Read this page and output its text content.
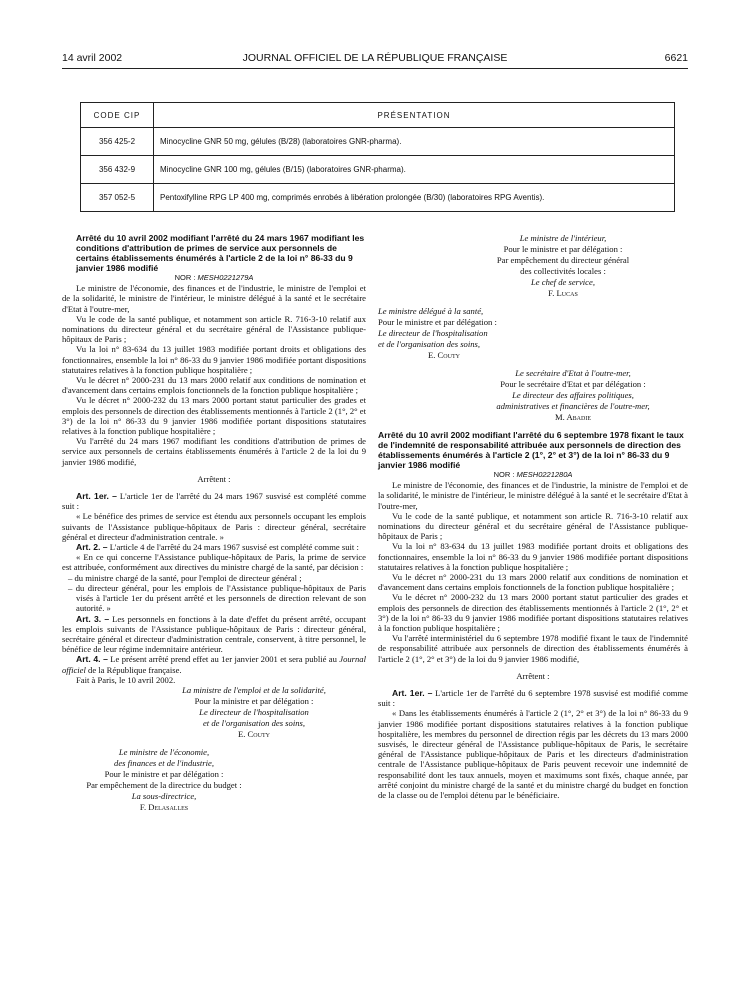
14 avril 2002	JOURNAL OFFICIEL DE LA RÉPUBLIQUE FRANÇAISE	6621
CODE CIP	PRÉSENTATION
356 425-2	Minocycline GNR 50 mg, gélules (B/28) (laboratoires GNR-pharma).
356 432-9	Minocycline GNR 100 mg, gélules (B/15) (laboratoires GNR-pharma).
357 052-5	Pentoxifylline RPG LP 400 mg, comprimés enrobés à libération prolongée (B/30) (laboratoires RPG Aventis).

Arrêté du 10 avril 2002 modifiant l'arrêté du 24 mars 1967 modifiant les conditions d'attribution de primes de service aux personnels de certains établissements énumérés à l'article 2 de la loi n° 86-33 du 9 janvier 1986 modifié

NOR : MESH0221279A

Le ministre de l'économie, des finances et de l'industrie, le ministre de l'emploi et de la solidarité, le ministre de l'intérieur, le ministre délégué à la santé et le secrétaire d'Etat à l'outre-mer,

Vu le code de la santé publique, et notamment son article R. 716-3-10 relatif aux nominations du directeur général et du secrétaire général de l'Assistance publique-hôpitaux de Paris ;

Vu la loi n° 83-634 du 13 juillet 1983 modifiée portant droits et obligations des fonctionnaires, ensemble la loi n° 86-33 du 9 janvier 1986 modifiée portant dispositions statutaires relatives à la fonction publique hospitalière ;

Vu le décret n° 2000-231 du 13 mars 2000 relatif aux conditions de nomination et d'avancement dans certains emplois fonctionnels de la fonction publique hospitalière ;

Vu le décret n° 2000-232 du 13 mars 2000 portant statut particulier des grades et emplois des personnels de direction des établissements mentionnés à l'article 2 (1°, 2° et 3°) de la loi n° 86-33 du 9 janvier 1986 modifiée portant dispositions statutaires relatives à la fonction publique hospitalière ;

Vu l'arrêté du 24 mars 1967 modifiant les conditions d'attribution de primes de service aux personnels de certains établissements énumérés à l'article 2 de la loi du 9 janvier 1986 modifié,

Arrêtent :

Art. 1er. – L'article 1er de l'arrêté du 24 mars 1967 susvisé est complété comme suit :

« Le bénéfice des primes de service est étendu aux personnels occupant les emplois suivants de l'Assistance publique-hôpitaux de Paris : directeur général, secrétaire général et directeur d'administration centrale. »

Art. 2. – L'article 4 de l'arrêté du 24 mars 1967 susvisé est complété comme suit :

« En ce qui concerne l'Assistance publique-hôpitaux de Paris, la prime de service est attribuée, conformément aux directives du ministre chargé de la santé, par décision :

– du ministre chargé de la santé, pour l'emploi de directeur général ;

– du directeur général, pour les emplois de l'Assistance publique-hôpitaux de Paris visés à l'article 1er du présent arrêté et les personnels de direction relevant de son autorité. »

Art. 3. – Les personnels en fonctions à la date d'effet du présent arrêté, occupant les emplois suivants de l'Assistance publique-hôpitaux de Paris : directeur général, secrétaire général et directeur d'administration centrale, conservent, à titre personnel, le bénéfice de leur régime indemnitaire antérieur.

Art. 4. – Le présent arrêté prend effet au 1er janvier 2001 et sera publié au Journal officiel de la République française.

Fait à Paris, le 10 avril 2002.

La ministre de l'emploi et de la solidarité,
Pour la ministre et par délégation :
Le directeur de l'hospitalisation
et de l'organisation des soins,
E. Couty
Le ministre de l'économie,
des finances et de l'industrie,
Pour le ministre et par délégation :
Par empêchement de la directrice du budget :
La sous-directrice,
F. Delasalles
Le ministre de l'intérieur,
Pour le ministre et par délégation :
Par empêchement du directeur général
des collectivités locales :
Le chef de service,
F. Lucas
Le ministre délégué à la santé,
Pour le ministre et par délégation :
Le directeur de l'hospitalisation
et de l'organisation des soins,
E. Couty
Le secrétaire d'Etat à l'outre-mer,
Pour le secrétaire d'Etat et par délégation :
Le directeur des affaires politiques,
administratives et financières de l'outre-mer,
M. Abadie

Arrêté du 10 avril 2002 modifiant l'arrêté du 6 septembre 1978 fixant le taux de l'indemnité de responsabilité attribuée aux personnels de direction des établissements énumérés à l'article 2 (1°, 2° et 3°) de la loi n° 86-33 du 9 janvier 1986 modifié

NOR : MESH0221280A

Le ministre de l'économie, des finances et de l'industrie, la ministre de l'emploi et de la solidarité, le ministre de l'intérieur, le ministre délégué à la santé et le secrétaire d'Etat à l'outre-mer,

Vu le code de la santé publique, et notamment son article R. 716-3-10 relatif aux nominations du directeur général et du secrétaire général de l'Assistance publique-hôpitaux de Paris ;

Vu la loi n° 83-634 du 13 juillet 1983 modifiée portant droits et obligations des fonctionnaires, ensemble la loi n° 86-33 du 9 janvier 1986 modifiée portant dispositions statutaires relatives à la fonction publique hospitalière ;

Vu le décret n° 2000-231 du 13 mars 2000 relatif aux conditions de nomination et d'avancement dans certains emplois fonctionnels de la fonction publique hospitalière ;

Vu le décret n° 2000-232 du 13 mars 2000 portant statut particulier des grades et emplois des personnels de direction des établissements mentionnés à l'article 2 (1°, 2° et 3°) de la loi n° 86-33 du 9 janvier 1986 modifiée portant dispositions statutaires relatives à la fonction publique hospitalière ;

Vu l'arrêté interministériel du 6 septembre 1978 modifié fixant le taux de l'indemnité de responsabilité attribuée aux personnels de direction des établissements énumérés à l'article 2 (1°, 2° et 3°) de la loi du 9 janvier 1986 modifié,

Arrêtent :

Art. 1er. – L'article 1er de l'arrêté du 6 septembre 1978 susvisé est modifié comme suit :

« Dans les établissements énumérés à l'article 2 (1°, 2° et 3°) de la loi n° 86-33 du 9 janvier 1986 modifiée portant dispositions statutaires relatives à la fonction publique hospitalière, les membres du personnel de direction régis par les décrets du 13 mars 2000 susvisés, le directeur général de l'Assistance publique-hôpitaux de Paris, le secrétaire général de l'Assistance publique-hôpitaux de Paris et les directeurs d'administration centrale de l'Assistance publique-hôpitaux de Paris peuvent recevoir une indemnité de responsabilité dont les taux annuels, moyen et maximums sont fixés, chaque année, par arrêté conjoint du ministre chargé de la santé et du ministre chargé du budget en fonction de la classe ou de l'emploi détenu par le bénéficiaire.
